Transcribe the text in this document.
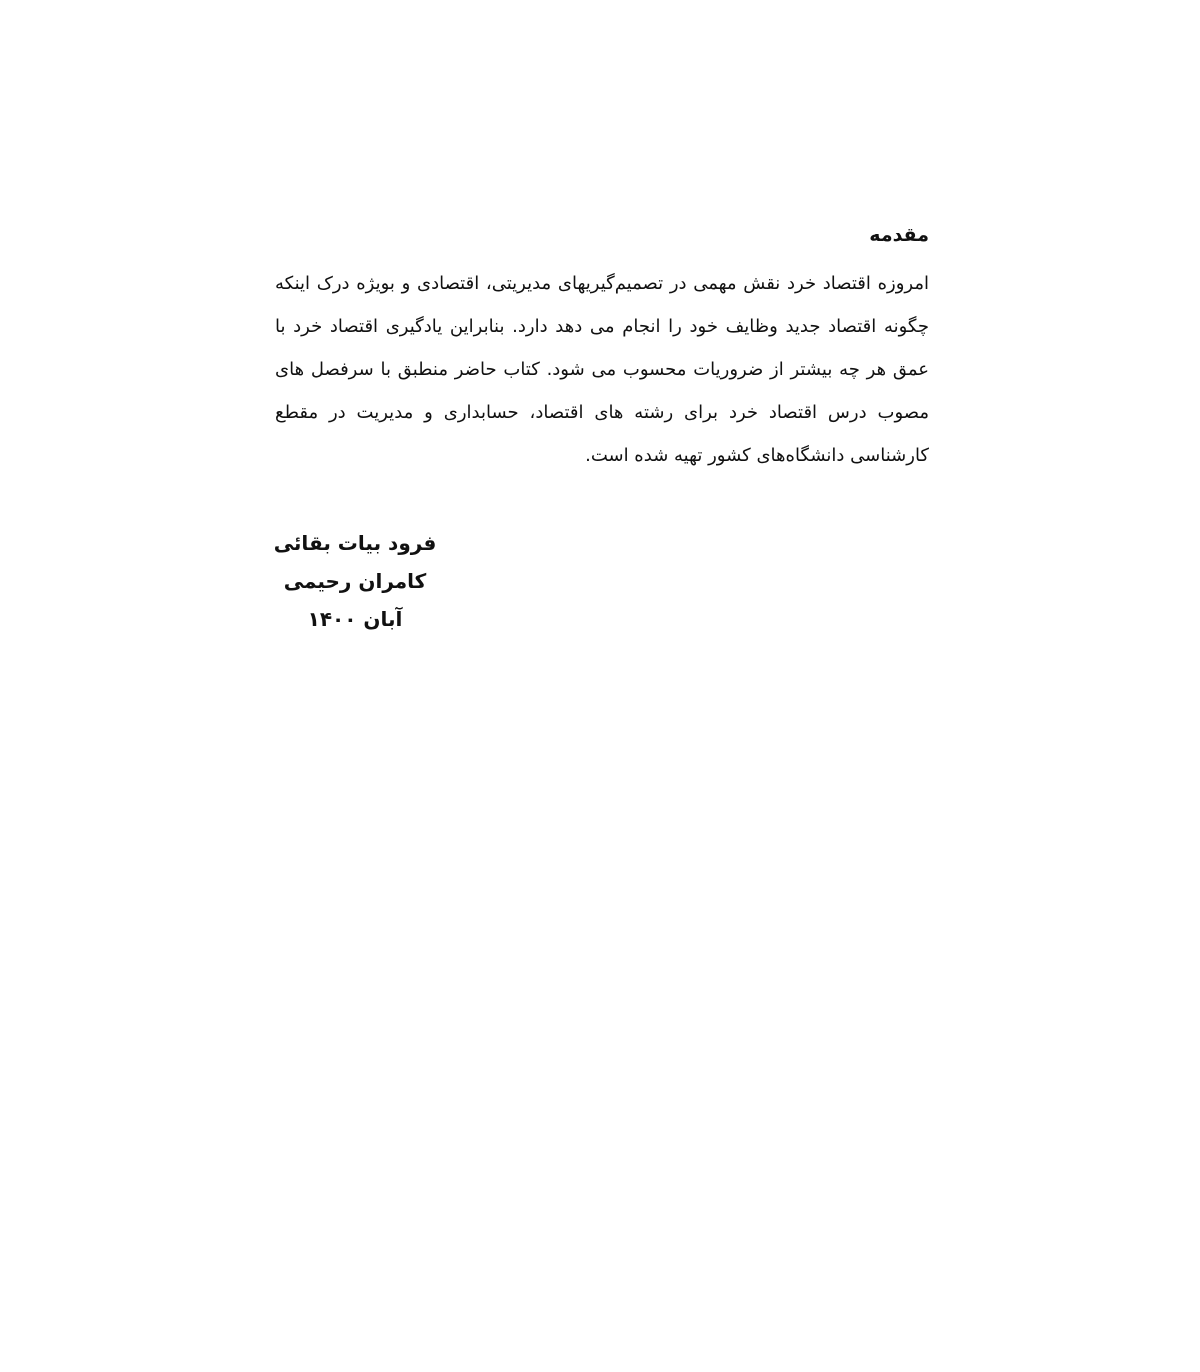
مقدمه

امروزه اقتصاد خرد نقش مهمی در تصمیم‌گیریهای مدیریتی، اقتصادی و بویژه درک اینکه چگونه اقتصاد جدید وظایف خود را انجام می دهد دارد. بنابراین یادگیری اقتصاد خرد با عمق هر چه بیشتر از ضروریات محسوب می شود. کتاب حاضر منطبق با سرفصل های مصوب درس اقتصاد خرد برای رشته های اقتصاد، حسابداری و مدیریت در مقطع کارشناسی دانشگاه‌های کشور تهیه شده است.

فرود بیات بقائی
کامران رحیمی
آبان ۱۴۰۰
